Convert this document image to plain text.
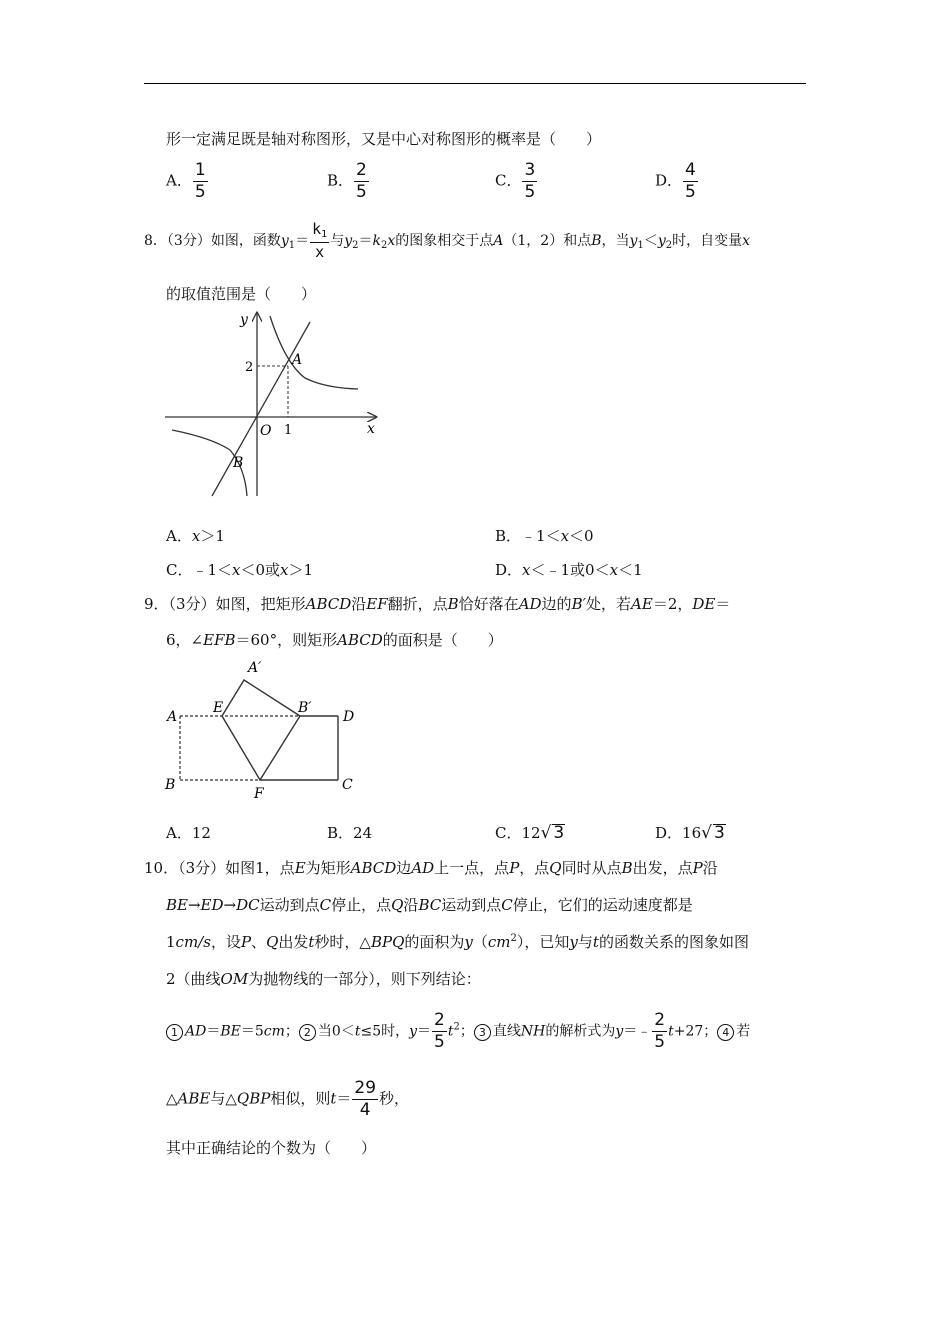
形一定满足既是轴对称图形，又是中心对称图形的概率是（　　）
A． $\frac{1}{5}$	B． $\frac{2}{5}$	C． $\frac{3}{5}$	D． $\frac{4}{5}$
8．（3分）如图，函数$y_1= \frac{k_1}{x}$ 与$y_2=k_2x$的图象相交于点A（1，2）和点B，当$y_1<y_2$时，自变量x
的取值范围是（　　）
y
x
O 1
2	A
B
A．x＞1	B．﹣1＜x＜0
C．﹣1＜x＜0或x＞1	D．x＜﹣1或0＜x＜1
9．（3分）如图，把矩形ABCD沿EF翻折，点B恰好落在AD边的B′处，若AE＝2，DE＝
6，∠EFB＝60°，则矩形ABCD的面积是（　　）
A′
A
E	B′
D
B
F
C
A．12	B．24	C．12√ 3	D．16√ 3
10．（3分）如图1，点E为矩形ABCD边AD上一点，点P，点Q同时从点B出发，点P沿
BE→ED→DC运动到点C停止，点Q沿BC运动到点C停止，它们的运动速度都是
1cm/s，设P、Q出发t秒时，△BPQ的面积为$y(cm^2)$，已知y与t的函数关系的图象如图
2（曲线OM为抛物线的一部分），则下列结论：
1 AD＝BE＝5cm； 2 当0＜t≤5时，$y= \frac{2}{5} t^2$； 3 直线NH的解析式为y＝﹣ $\frac{2}{5} t+27$； 4 若
△ABE与△QBP相似，则$t= \frac{29}{4}$ 秒，
其中正确结论的个数为（　　）
